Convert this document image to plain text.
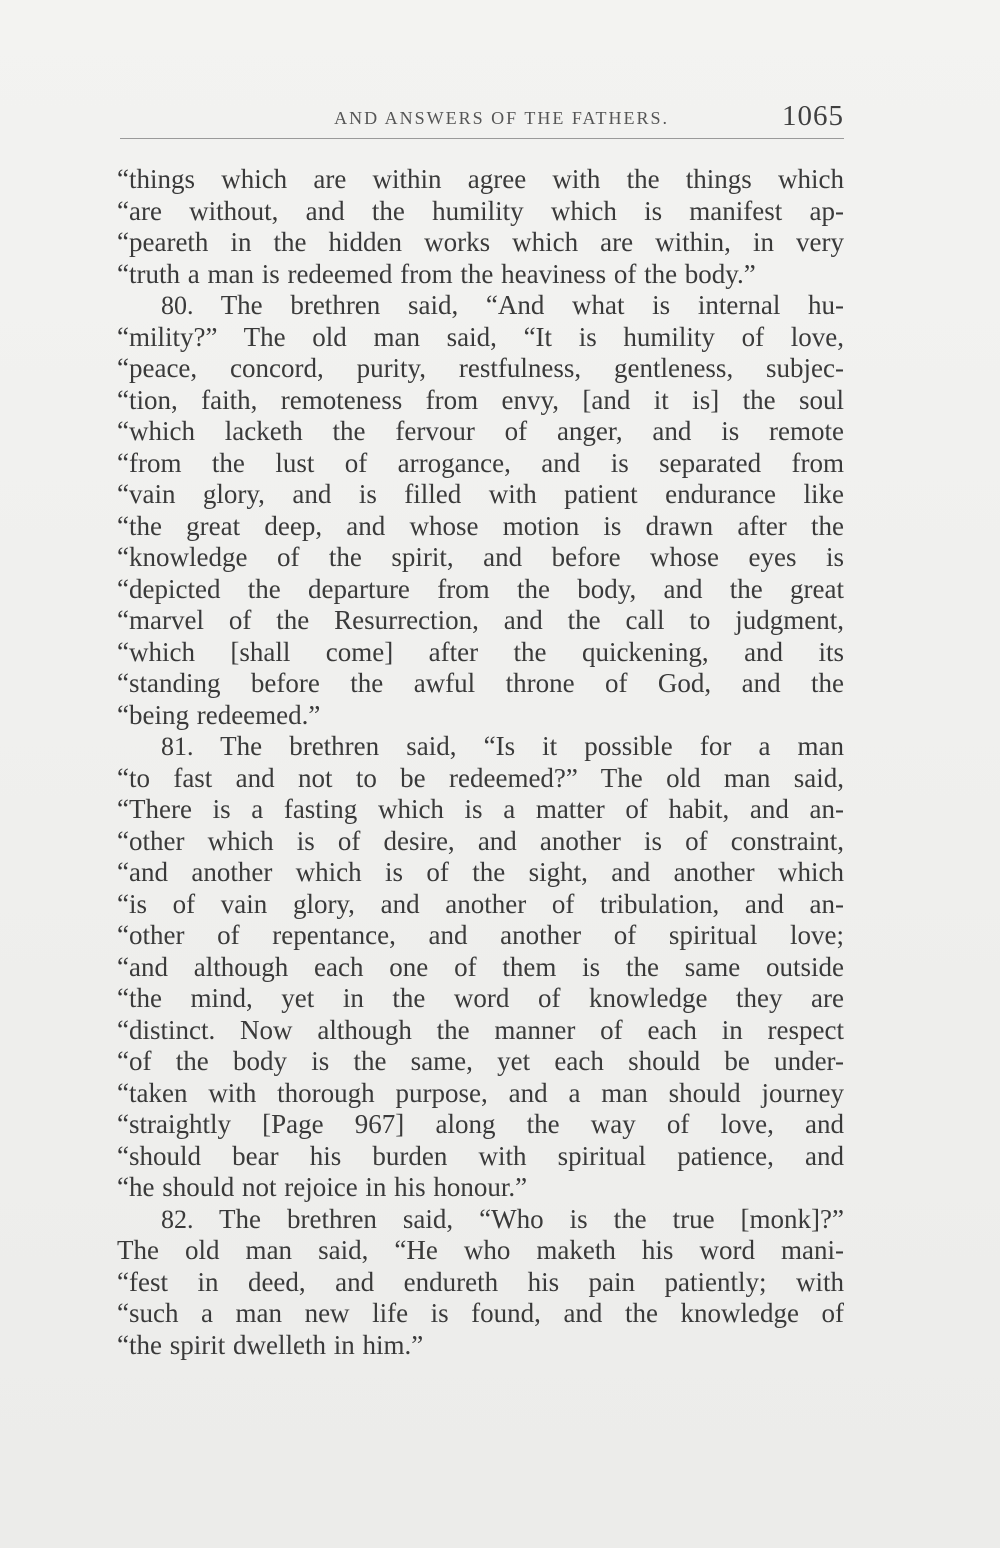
AND ANSWERS OF THE FATHERS.	1065
“things which are within agree with the things which
“are without, and the humility which is manifest ap-
“peareth in the hidden works which are within, in very
“truth a man is redeemed from the heaviness of the body.”
80. The brethren said, “And what is internal hu-
“mility?” The old man said, “It is humility of love,
“peace, concord, purity, restfulness, gentleness, subjec-
“tion, faith, remoteness from envy, [and it is] the soul
“which lacketh the fervour of anger, and is remote
“from the lust of arrogance, and is separated from
“vain glory, and is filled with patient endurance like
“the great deep, and whose motion is drawn after the
“knowledge of the spirit, and before whose eyes is
“depicted the departure from the body, and the great
“marvel of the Resurrection, and the call to judgment,
“which [shall come] after the quickening, and its
“standing before the awful throne of God, and the
“being redeemed.”
81. The brethren said, “Is it possible for a man
“to fast and not to be redeemed?” The old man said,
“There is a fasting which is a matter of habit, and an-
“other which is of desire, and another is of constraint,
“and another which is of the sight, and another which
“is of vain glory, and another of tribulation, and an-
“other of repentance, and another of spiritual love;
“and although each one of them is the same outside
“the mind, yet in the word of knowledge they are
“distinct. Now although the manner of each in respect
“of the body is the same, yet each should be under-
“taken with thorough purpose, and a man should journey
“straightly [Page 967] along the way of love, and
“should bear his burden with spiritual patience, and
“he should not rejoice in his honour.”
82. The brethren said, “Who is the true [monk]?”
The old man said, “He who maketh his word mani-
“fest in deed, and endureth his pain patiently; with
“such a man new life is found, and the knowledge of
“the spirit dwelleth in him.”
